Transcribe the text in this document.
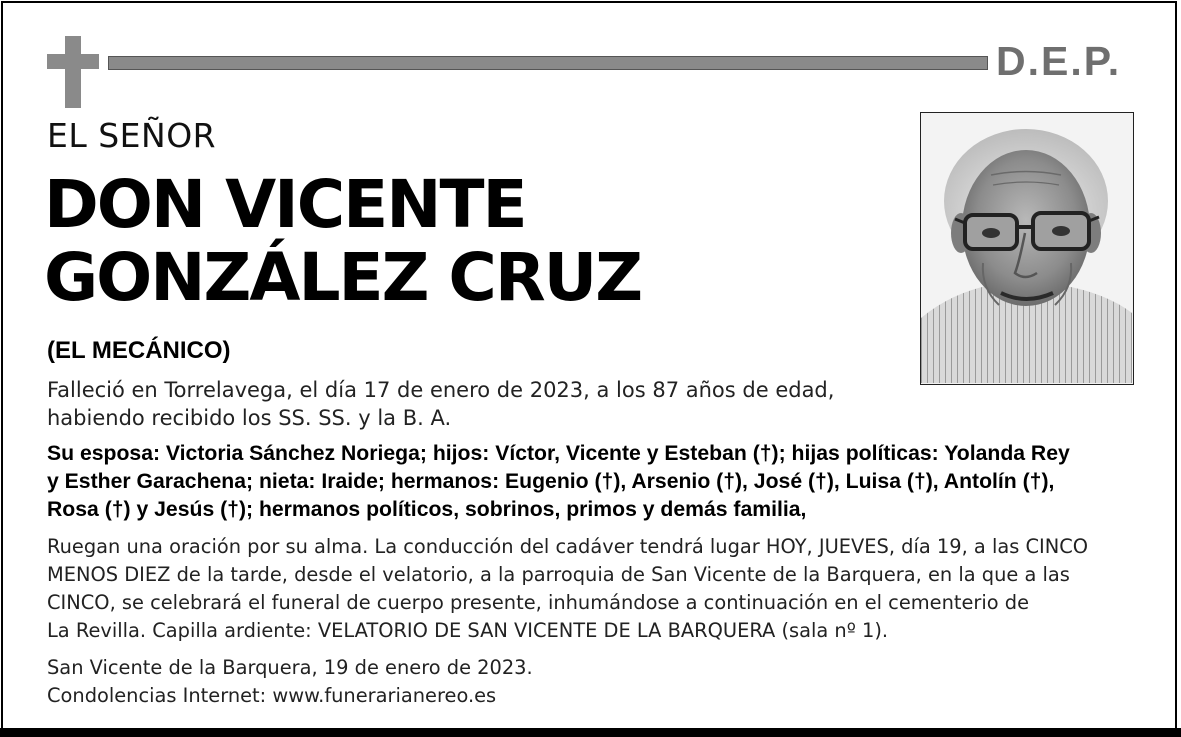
D.E.P.
EL SEÑOR
DON VICENTE
GONZÁLEZ CRUZ
(EL MECÁNICO)
Falleció en Torrelavega, el día 17 de enero de 2023, a los 87 años de edad,
habiendo recibido los SS. SS. y la B. A.
Su esposa: Victoria Sánchez Noriega; hijos: Víctor, Vicente y Esteban (†); hijas políticas: Yolanda Rey
y Esther Garachena; nieta: Iraide; hermanos: Eugenio (†), Arsenio (†), José (†), Luisa (†), Antolín (†),
Rosa (†) y Jesús (†); hermanos políticos, sobrinos, primos y demás familia,
Ruegan una oración por su alma. La conducción del cadáver tendrá lugar HOY, JUEVES, día 19, a las CINCO
MENOS DIEZ de la tarde, desde el velatorio, a la parroquia de San Vicente de la Barquera, en la que a las
CINCO, se celebrará el funeral de cuerpo presente, inhumándose a continuación en el cementerio de
La Revilla. Capilla ardiente: VELATORIO DE SAN VICENTE DE LA BARQUERA (sala nº 1).
San Vicente de la Barquera, 19 de enero de 2023.
Condolencias Internet: www.funerarianereo.es
